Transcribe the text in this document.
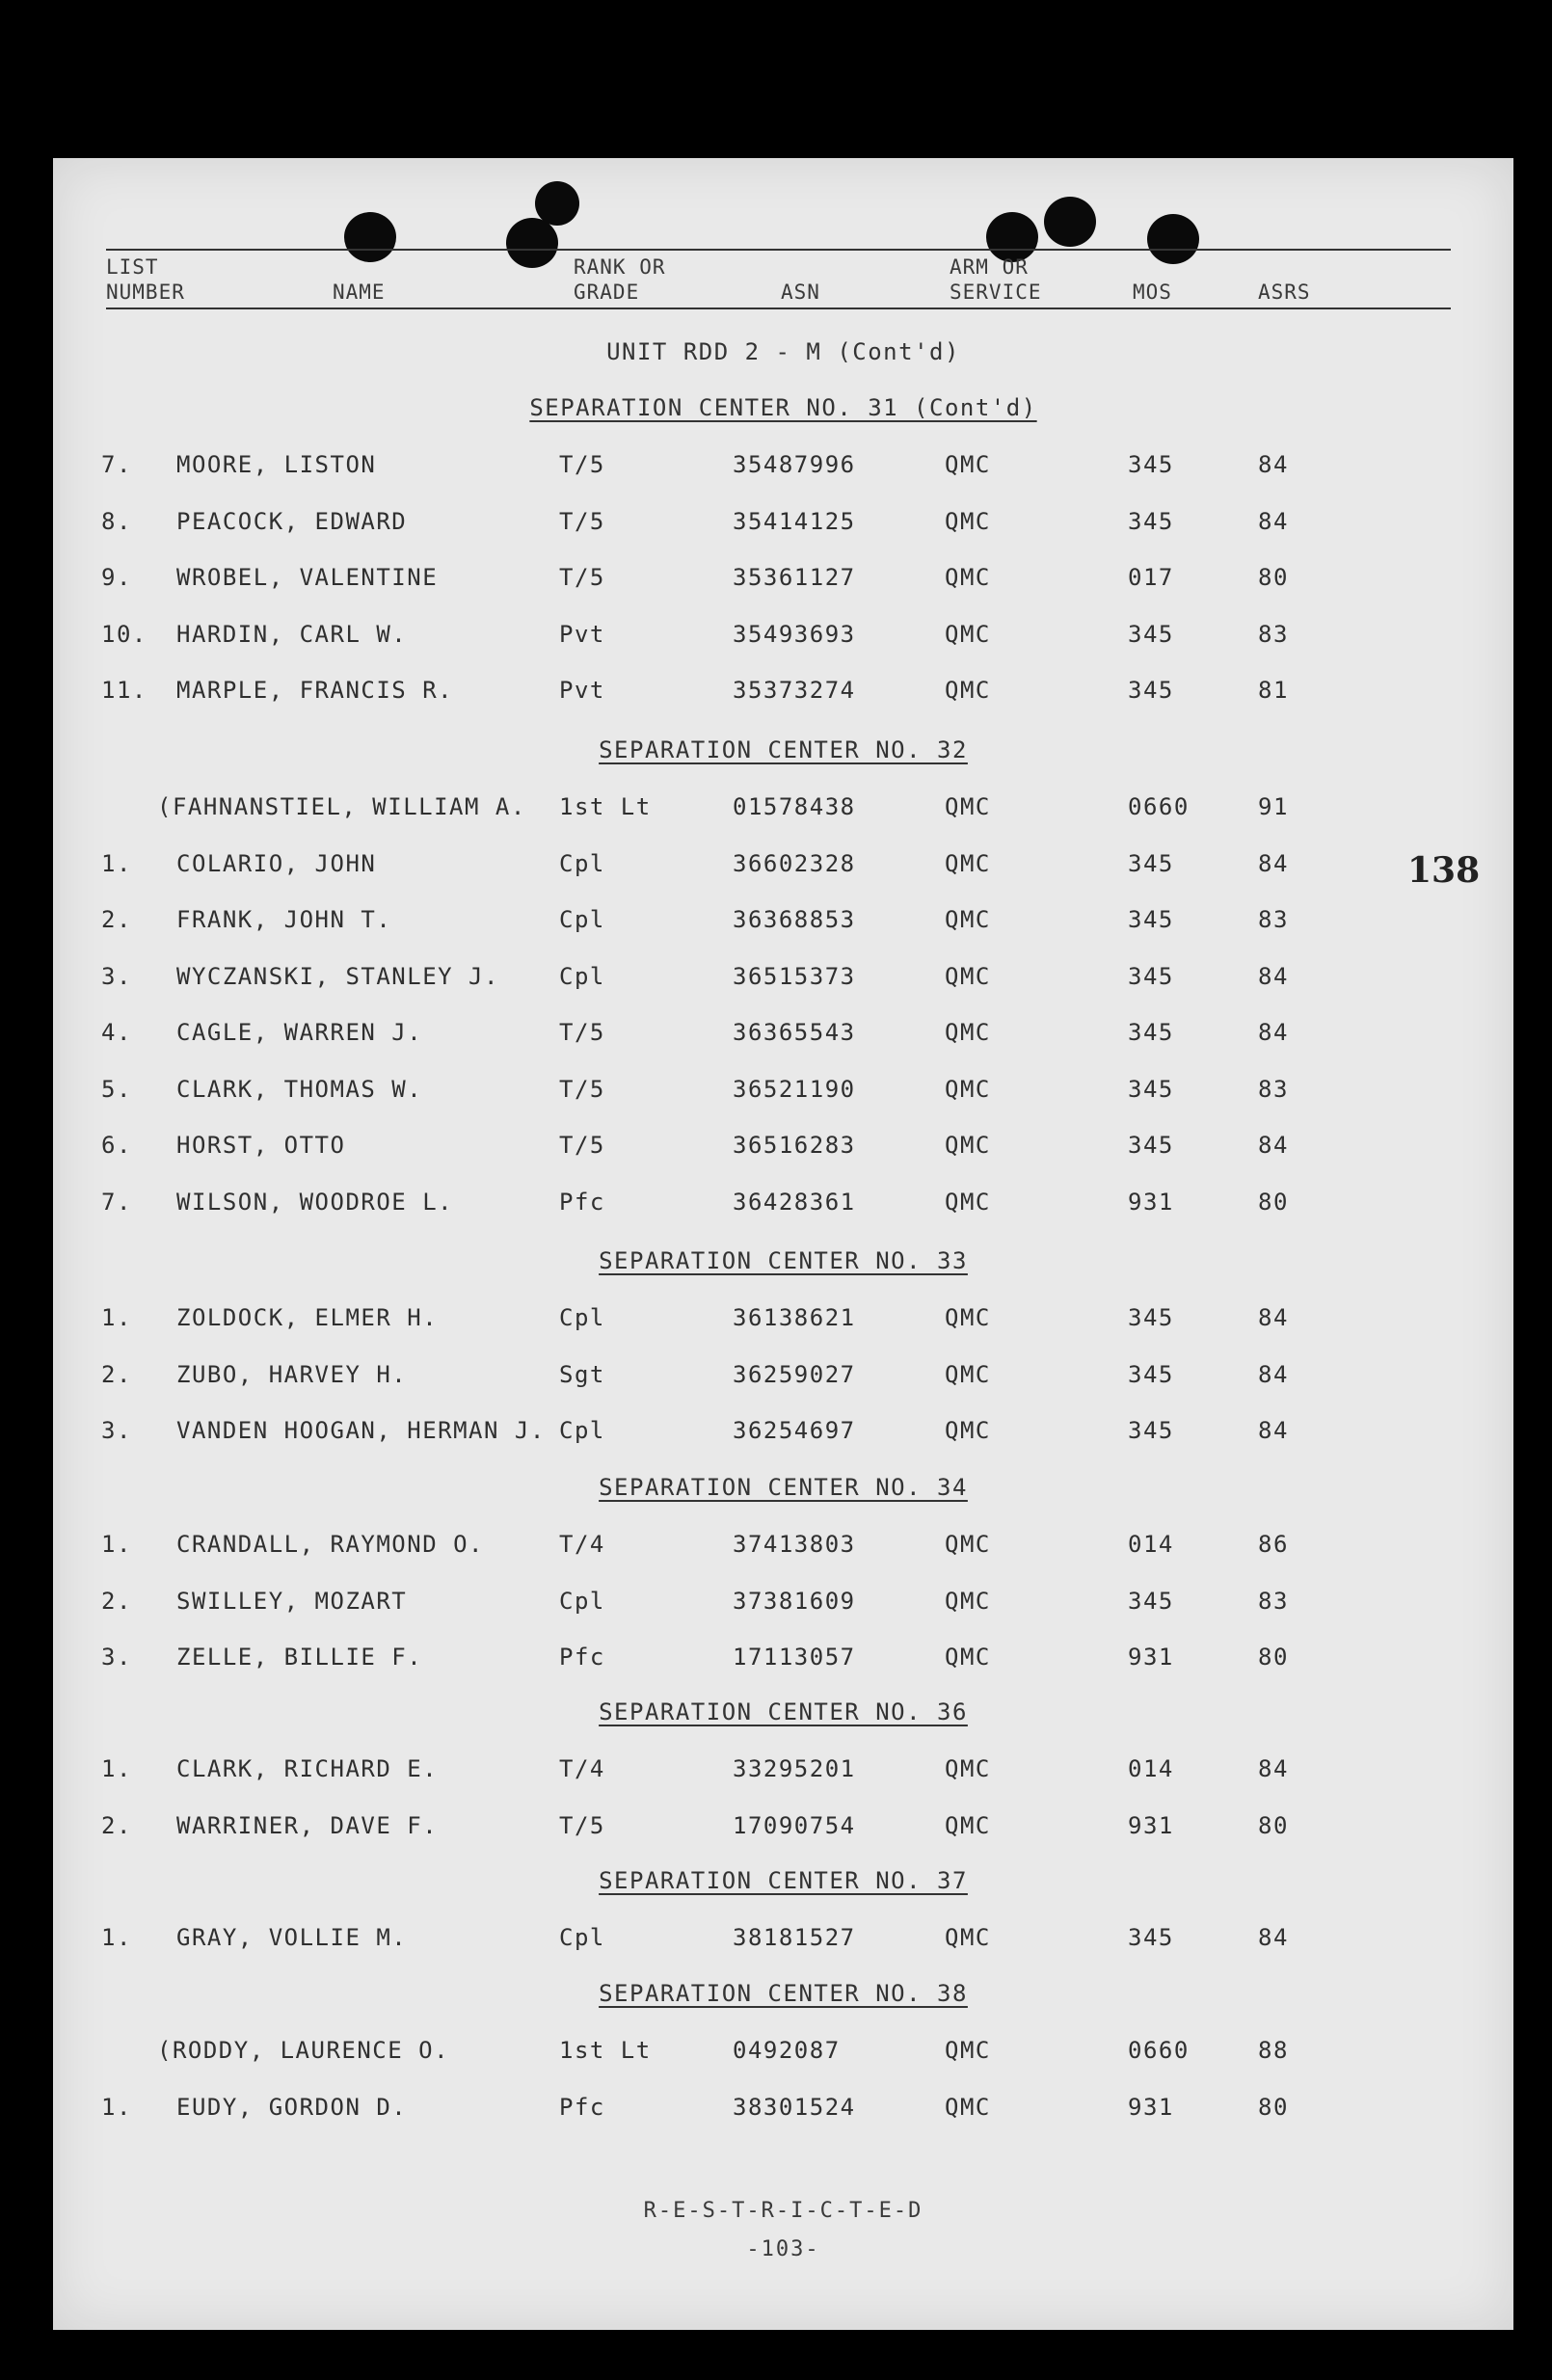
LIST
NUMBER	NAME
RANK OR
GRADE	ASN
ARM OR
SERVICE	MOS	ASRS
UNIT RDD 2 - M (Cont'd)
138
SEPARATION CENTER NO. 31 (Cont'd)
7. MOORE, LISTON	T/5	35487996	QMC	345	84
8. PEACOCK, EDWARD	T/5	35414125	QMC	345	84
9. WROBEL, VALENTINE	T/5	35361127	QMC	017	80
10. HARDIN, CARL W.	Pvt	35493693	QMC	345	83
11. MARPLE, FRANCIS R.	Pvt	35373274	QMC	345	81
SEPARATION CENTER NO. 32
(FAHNANSTIEL, WILLIAM A. 1st Lt	01578438	QMC	0660	91
1. COLARIO, JOHN	Cpl	36602328	QMC	345	84
2. FRANK, JOHN T.	Cpl	36368853	QMC	345	83
3. WYCZANSKI, STANLEY J.	Cpl	36515373	QMC	345	84
4. CAGLE, WARREN J.	T/5	36365543	QMC	345	84
5. CLARK, THOMAS W.	T/5	36521190	QMC	345	83
6. HORST, OTTO	T/5	36516283	QMC	345	84
7. WILSON, WOODROE L.	Pfc	36428361	QMC	931	80
SEPARATION CENTER NO. 33
1. ZOLDOCK, ELMER H.	Cpl	36138621	QMC	345	84
2. ZUBO, HARVEY H.	Sgt	36259027	QMC	345	84
3. VANDEN HOOGAN, HERMAN J. Cpl	36254697	QMC	345	84
SEPARATION CENTER NO. 34
1. CRANDALL, RAYMOND O.	T/4	37413803	QMC	014	86
2. SWILLEY, MOZART	Cpl	37381609	QMC	345	83
3. ZELLE, BILLIE F.	Pfc	17113057	QMC	931	80
SEPARATION CENTER NO. 36
1. CLARK, RICHARD E.	T/4	33295201	QMC	014	84
2. WARRINER, DAVE F.	T/5	17090754	QMC	931	80
SEPARATION CENTER NO. 37
1. GRAY, VOLLIE M.	Cpl	38181527	QMC	345	84
SEPARATION CENTER NO. 38
(RODDY, LAURENCE O.	1st Lt	0492087	QMC	0660	88
1. EUDY, GORDON D.	Pfc	38301524	QMC	931	80
R-E-S-T-R-I-C-T-E-D
-103-
